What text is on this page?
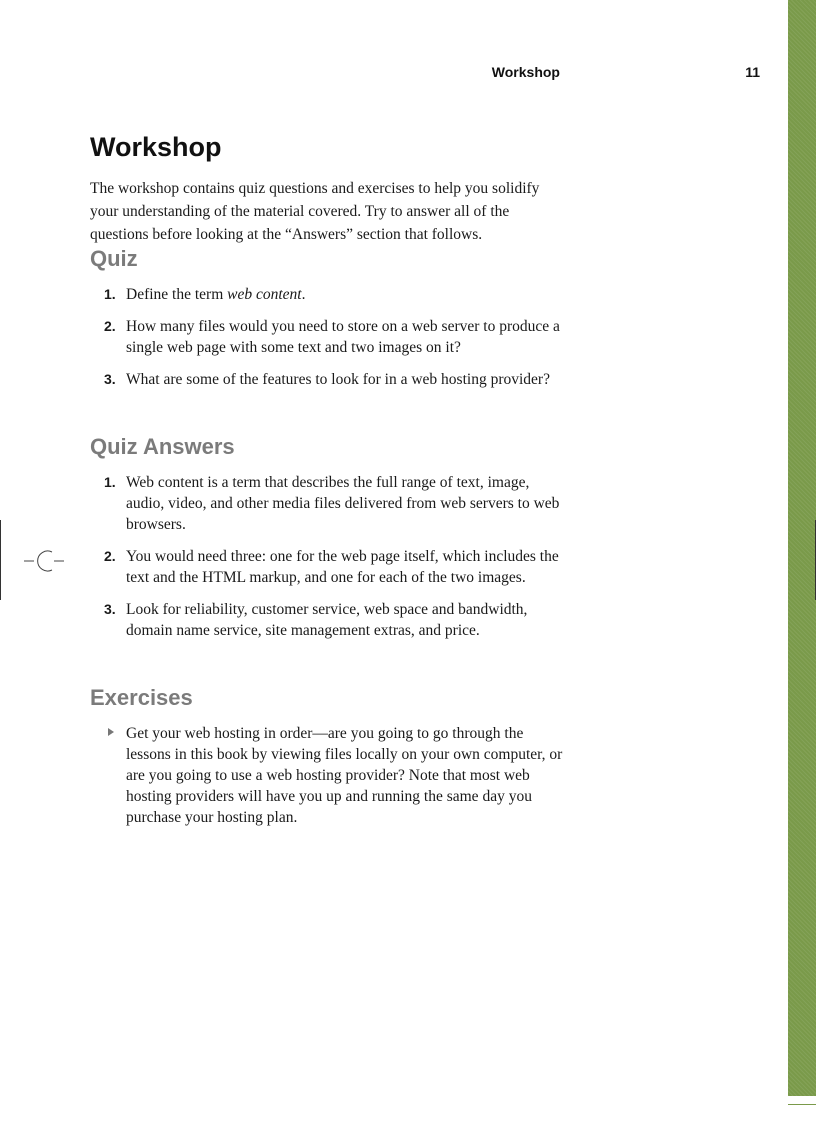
Workshop	11
Workshop

The workshop contains quiz questions and exercises to help you solidify your understanding of the material covered. Try to answer all of the questions before looking at the “Answers” section that follows.

Quiz
1. Define the term web content.
2. How many files would you need to store on a web server to produce a single web page with some text and two images on it?
3. What are some of the features to look for in a web hosting provider?
Quiz Answers
1. Web content is a term that describes the full range of text, image, audio, video, and other media files delivered from web servers to web browsers.
2. You would need three: one for the web page itself, which includes the text and the HTML markup, and one for each of the two images.
3. Look for reliability, customer service, web space and bandwidth, domain name service, site management extras, and price.
Exercises
Get your web hosting in order—are you going to go through the lessons in this book by viewing files locally on your own computer, or are you going to use a web hosting provider? Note that most web hosting providers will have you up and running the same day you purchase your hosting plan.
